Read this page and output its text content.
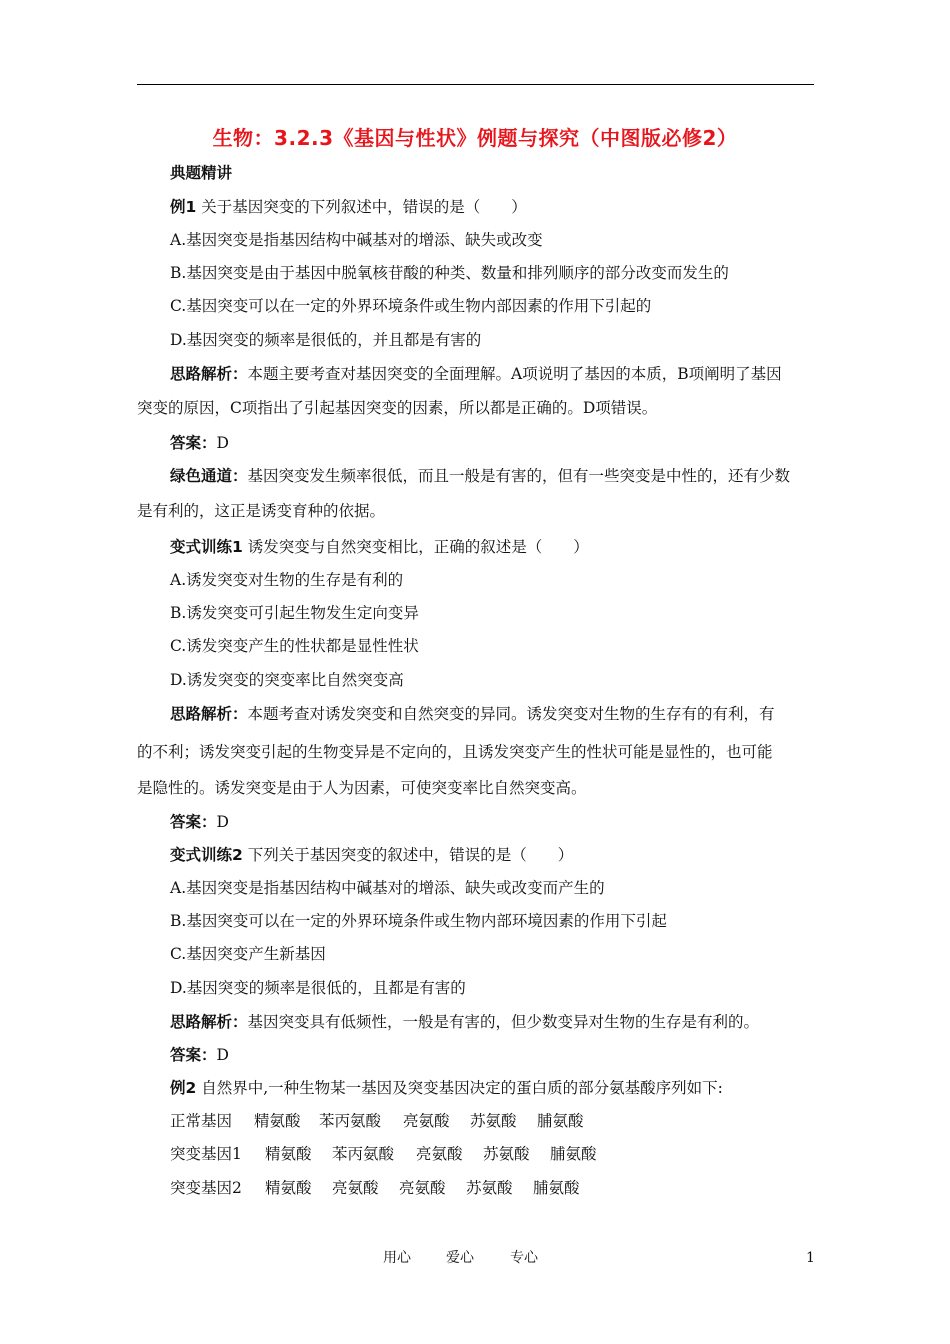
生物：3.2.3《基因与性状》例题与探究（中图版必修2）
典题精讲
例1 关于基因突变的下列叙述中，错误的是（　　）
A.基因突变是指基因结构中碱基对的增添、缺失或改变
B.基因突变是由于基因中脱氧核苷酸的种类、数量和排列顺序的部分改变而发生的
C.基因突变可以在一定的外界环境条件或生物内部因素的作用下引起的
D.基因突变的频率是很低的，并且都是有害的
思路解析：本题主要考查对基因突变的全面理解。A项说明了基因的本质，B项阐明了基因
突变的原因，C项指出了引起基因突变的因素，所以都是正确的。D项错误。
答案：D
绿色通道：基因突变发生频率很低，而且一般是有害的，但有一些突变是中性的，还有少数
是有利的，这正是诱变育种的依据。
变式训练1 诱发突变与自然突变相比，正确的叙述是（　　）
A.诱发突变对生物的生存是有利的
B.诱发突变可引起生物发生定向变异
C.诱发突变产生的性状都是显性性状
D.诱发突变的突变率比自然突变高
思路解析：本题考查对诱发突变和自然突变的异同。诱发突变对生物的生存有的有利，有
的不利；诱发突变引起的生物变异是不定向的，且诱发突变产生的性状可能是显性的，也可能
是隐性的。诱发突变是由于人为因素，可使突变率比自然突变高。
答案：D
变式训练2 下列关于基因突变的叙述中，错误的是（　　）
A.基因突变是指基因结构中碱基对的增添、缺失或改变而产生的
B.基因突变可以在一定的外界环境条件或生物内部环境因素的作用下引起
C.基因突变产生新基因
D.基因突变的频率是很低的，且都是有害的
思路解析：基因突变具有低频性，一般是有害的，但少数变异对生物的生存是有利的。
答案：D
例2 自然界中,一种生物某一基因及突变基因决定的蛋白质的部分氨基酸序列如下:
正常基因 精氨酸 苯丙氨酸 亮氨酸 苏氨酸 脯氨酸
突变基因1 精氨酸 苯丙氨酸 亮氨酸 苏氨酸 脯氨酸
突变基因2 精氨酸 亮氨酸 亮氨酸 苏氨酸 脯氨酸
用心	爱心	专心	1
